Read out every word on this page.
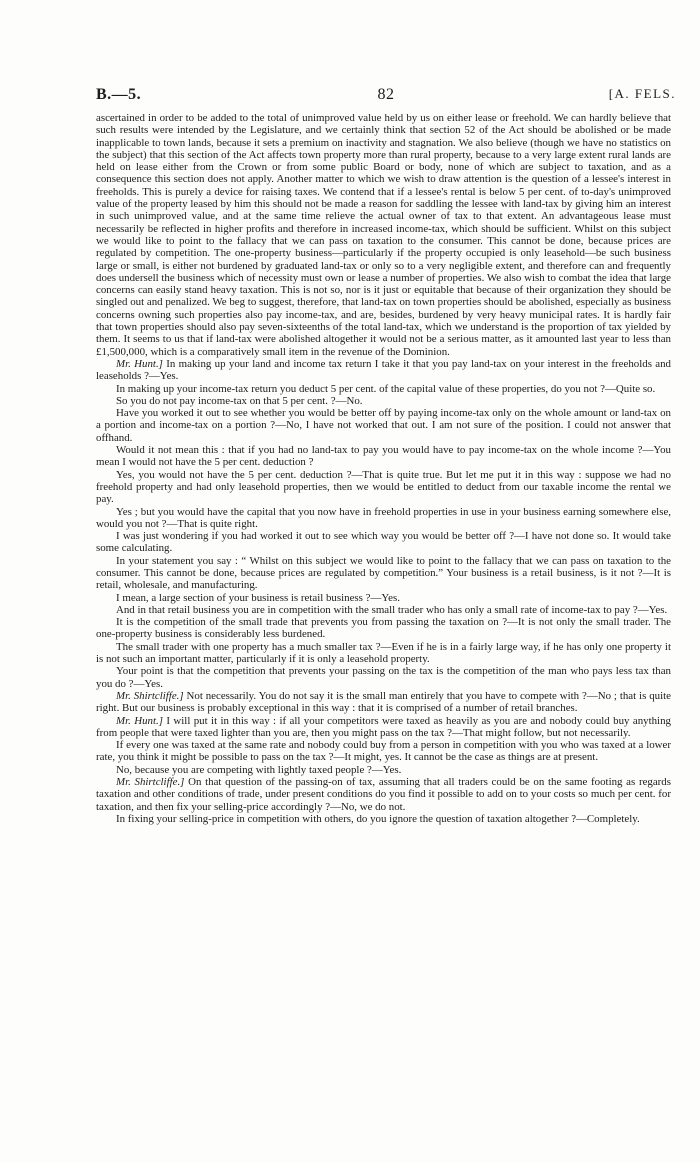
B.—5.	82	[A. FELS.

ascertained in order to be added to the total of unimproved value held by us on either lease or freehold. We can hardly believe that such results were intended by the Legislature, and we certainly think that section 52 of the Act should be abolished or be made inapplicable to town lands, because it sets a premium on inactivity and stagnation. We also believe (though we have no statistics on the subject) that this section of the Act affects town property more than rural property, because to a very large extent rural lands are held on lease either from the Crown or from some public Board or body, none of which are subject to taxation, and as a consequence this section does not apply. Another matter to which we wish to draw attention is the question of a lessee's interest in freeholds. This is purely a device for raising taxes. We contend that if a lessee's rental is below 5 per cent. of to-day's unimproved value of the property leased by him this should not be made a reason for saddling the lessee with land-tax by giving him an interest in such unimproved value, and at the same time relieve the actual owner of tax to that extent. An advantageous lease must necessarily be reflected in higher profits and therefore in increased income-tax, which should be sufficient. Whilst on this subject we would like to point to the fallacy that we can pass on taxation to the consumer. This cannot be done, because prices are regulated by competition. The one-property business—particularly if the property occupied is only leasehold—be such business large or small, is either not burdened by graduated land-tax or only so to a very negligible extent, and therefore can and frequently does undersell the business which of necessity must own or lease a number of properties. We also wish to combat the idea that large concerns can easily stand heavy taxation. This is not so, nor is it just or equitable that because of their organization they should be singled out and penalized. We beg to suggest, therefore, that land-tax on town properties should be abolished, especially as business concerns owning such properties also pay income-tax, and are, besides, burdened by very heavy municipal rates. It is hardly fair that town properties should also pay seven-sixteenths of the total land-tax, which we understand is the proportion of tax yielded by them. It seems to us that if land-tax were abolished altogether it would not be a serious matter, as it amounted last year to less than £1,500,000, which is a comparatively small item in the revenue of the Dominion.

Mr. Hunt.] In making up your land and income tax return I take it that you pay land-tax on your interest in the freeholds and leaseholds ?—Yes.

In making up your income-tax return you deduct 5 per cent. of the capital value of these properties, do you not ?—Quite so.

So you do not pay income-tax on that 5 per cent. ?—No.

Have you worked it out to see whether you would be better off by paying income-tax only on the whole amount or land-tax on a portion and income-tax on a portion ?—No, I have not worked that out. I am not sure of the position. I could not answer that offhand.

Would it not mean this : that if you had no land-tax to pay you would have to pay income-tax on the whole income ?—You mean I would not have the 5 per cent. deduction ?

Yes, you would not have the 5 per cent. deduction ?—That is quite true. But let me put it in this way : suppose we had no freehold property and had only leasehold properties, then we would be entitled to deduct from our taxable income the rental we pay.

Yes ; but you would have the capital that you now have in freehold properties in use in your business earning somewhere else, would you not ?—That is quite right.

I was just wondering if you had worked it out to see which way you would be better off ?—I have not done so. It would take some calculating.

In your statement you say : “ Whilst on this subject we would like to point to the fallacy that we can pass on taxation to the consumer. This cannot be done, because prices are regulated by competition.” Your business is a retail business, is it not ?—It is retail, wholesale, and manufacturing.

I mean, a large section of your business is retail business ?—Yes.

And in that retail business you are in competition with the small trader who has only a small rate of income-tax to pay ?—Yes.

It is the competition of the small trade that prevents you from passing the taxation on ?—It is not only the small trader. The one-property business is considerably less burdened.

The small trader with one property has a much smaller tax ?—Even if he is in a fairly large way, if he has only one property it is not such an important matter, particularly if it is only a leasehold property.

Your point is that the competition that prevents your passing on the tax is the competition of the man who pays less tax than you do ?—Yes.

Mr. Shirtcliffe.] Not necessarily. You do not say it is the small man entirely that you have to compete with ?—No ; that is quite right. But our business is probably exceptional in this way : that it is comprised of a number of retail branches.

Mr. Hunt.] I will put it in this way : if all your competitors were taxed as heavily as you are and nobody could buy anything from people that were taxed lighter than you are, then you might pass on the tax ?—That might follow, but not necessarily.

If every one was taxed at the same rate and nobody could buy from a person in competition with you who was taxed at a lower rate, you think it might be possible to pass on the tax ?—It might, yes. It cannot be the case as things are at present.

No, because you are competing with lightly taxed people ?—Yes.

Mr. Shirtcliffe.] On that question of the passing-on of tax, assuming that all traders could be on the same footing as regards taxation and other conditions of trade, under present conditions do you find it possible to add on to your costs so much per cent. for taxation, and then fix your selling-price accordingly ?—No, we do not.

In fixing your selling-price in competition with others, do you ignore the question of taxation altogether ?—Completely.
